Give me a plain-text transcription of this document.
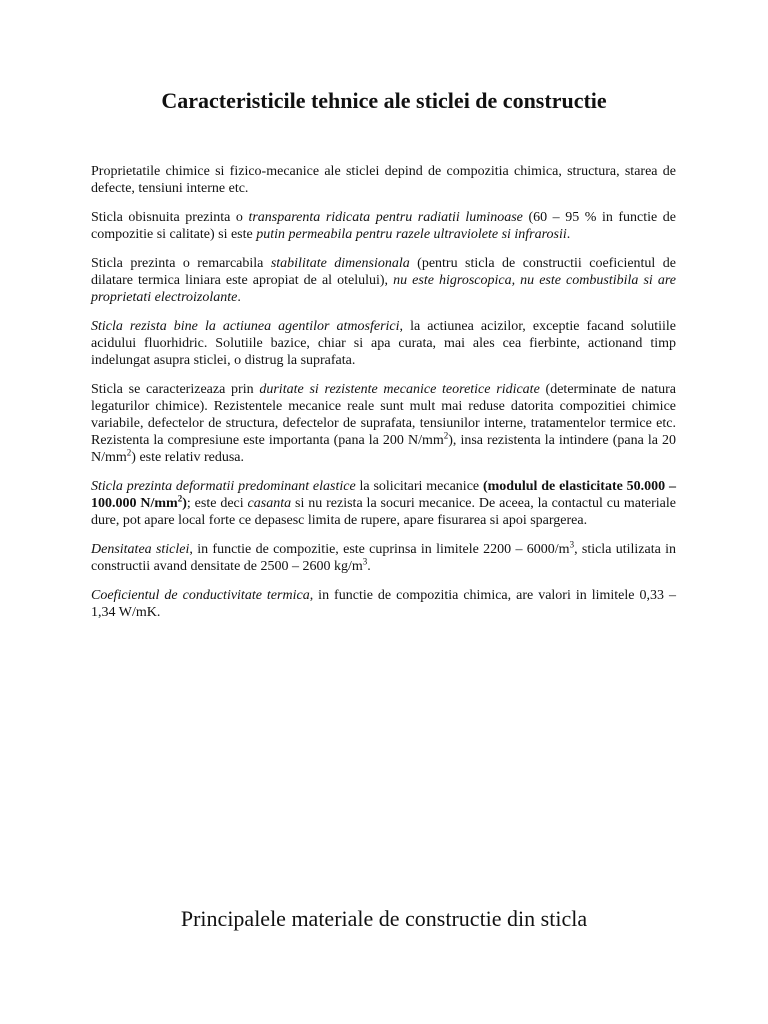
Caracteristicile tehnice ale sticlei de constructie

Proprietatile chimice si fizico-mecanice ale sticlei depind de compozitia chimica, structura, starea de defecte, tensiuni interne etc.

Sticla obisnuita prezinta o transparenta ridicata pentru radiatii luminoase (60 – 95 % in functie de compozitie si calitate) si este putin permeabila pentru razele ultraviolete si infrarosii.

Sticla prezinta o remarcabila stabilitate dimensionala (pentru sticla de constructii coeficientul de dilatare termica liniara este apropiat de al otelului), nu este higroscopica, nu este combustibila si are proprietati electroizolante.

Sticla rezista bine la actiunea agentilor atmosferici, la actiunea acizilor, exceptie facand solutiile acidului fluorhidric. Solutiile bazice, chiar si apa curata, mai ales cea fierbinte, actionand timp indelungat asupra sticlei, o distrug la suprafata.

Sticla se caracterizeaza prin duritate si rezistente mecanice teoretice ridicate (determinate de natura legaturilor chimice). Rezistentele mecanice reale sunt mult mai reduse datorita compozitiei chimice variabile, defectelor de structura, defectelor de suprafata, tensiunilor interne, tratamentelor termice etc. Rezistenta la compresiune este importanta (pana la 200 $N/mm^2$), insa rezistenta la intindere (pana la 20 $N/mm^2$) este relativ redusa.

Sticla prezinta deformatii predominant elastice la solicitari mecanice (modulul de elasticitate 50.000 – 100.000 $N/mm^2$); este deci casanta si nu rezista la socuri mecanice. De aceea, la contactul cu materiale dure, pot apare local forte ce depasesc limita de rupere, apare fisurarea si apoi spargerea.

Densitatea sticlei, in functie de compozitie, este cuprinsa in limitele $2200 - 6000/m^3$, sticla utilizata in constructii avand densitate de 2500 – 2600 $kg/m^3$.

Coeficientul de conductivitate termica, in functie de compozitia chimica, are valori in limitele 0,33 – 1,34 W/mK.

Principalele materiale de constructie din sticla
